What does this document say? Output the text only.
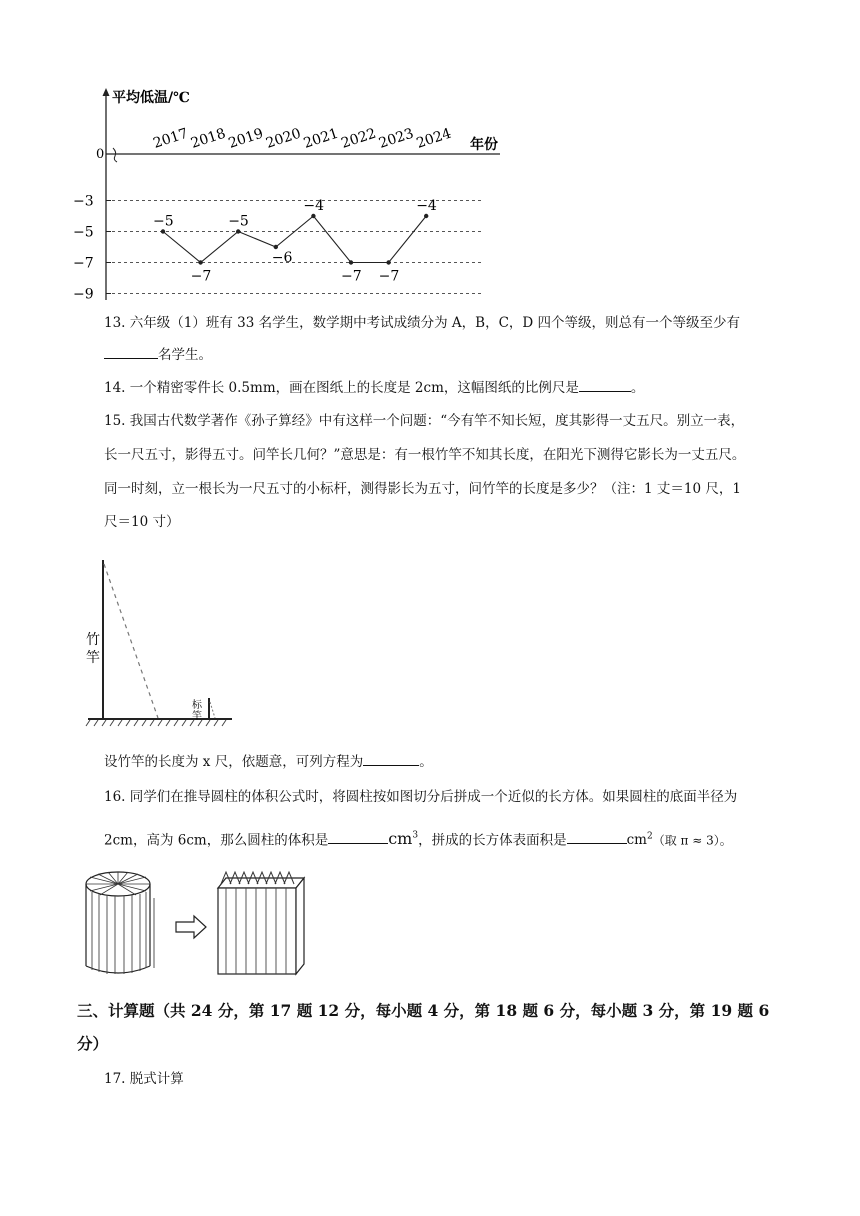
平均低温/℃
年份
0
−3
−5
−7
−9
2017
2018
2019
2020
2021
2022
2023
2024
−5
−7
−5
−6
−4
−7 −7
−4
13. 六年级（1）班有 33 名学生，数学期中考试成绩分为 A，B，C，D 四个等级，则总有一个等级至少有
名学生。
14. 一个精密零件长 0.5mm，画在图纸上的长度是 2cm，这幅图纸的比例尺是	。
15. 我国古代数学著作《孙子算经》中有这样一个问题：“今有竿不知长短，度其影得一丈五尺。别立一表，
长一尺五寸，影得五寸。问竿长几何？”意思是：有一根竹竿不知其长度，在阳光下测得它影长为一丈五尺。
同一时刻，立一根长为一尺五寸的小标杆，测得影长为五寸，问竹竿的长度是多少？（注：1 丈＝10 尺，1
尺＝10 寸）
竹
竿
标
竿
设竹竿的长度为 x 尺，依题意，可列方程为	。
16. 同学们在推导圆柱的体积公式时，将圆柱按如图切分后拼成一个近似的长方体。如果圆柱的底面半径为
2cm，高为 6cm，那么圆柱的体积是	$cm^3$，拼成的长方体表面积是	$cm^2$（取 π ≈ 3）。
三、计算题（共 24 分，第 17 题 12 分，每小题 4 分，第 18 题 6 分，每小题 3 分，第 19 题 6
分）
17. 脱式计算
